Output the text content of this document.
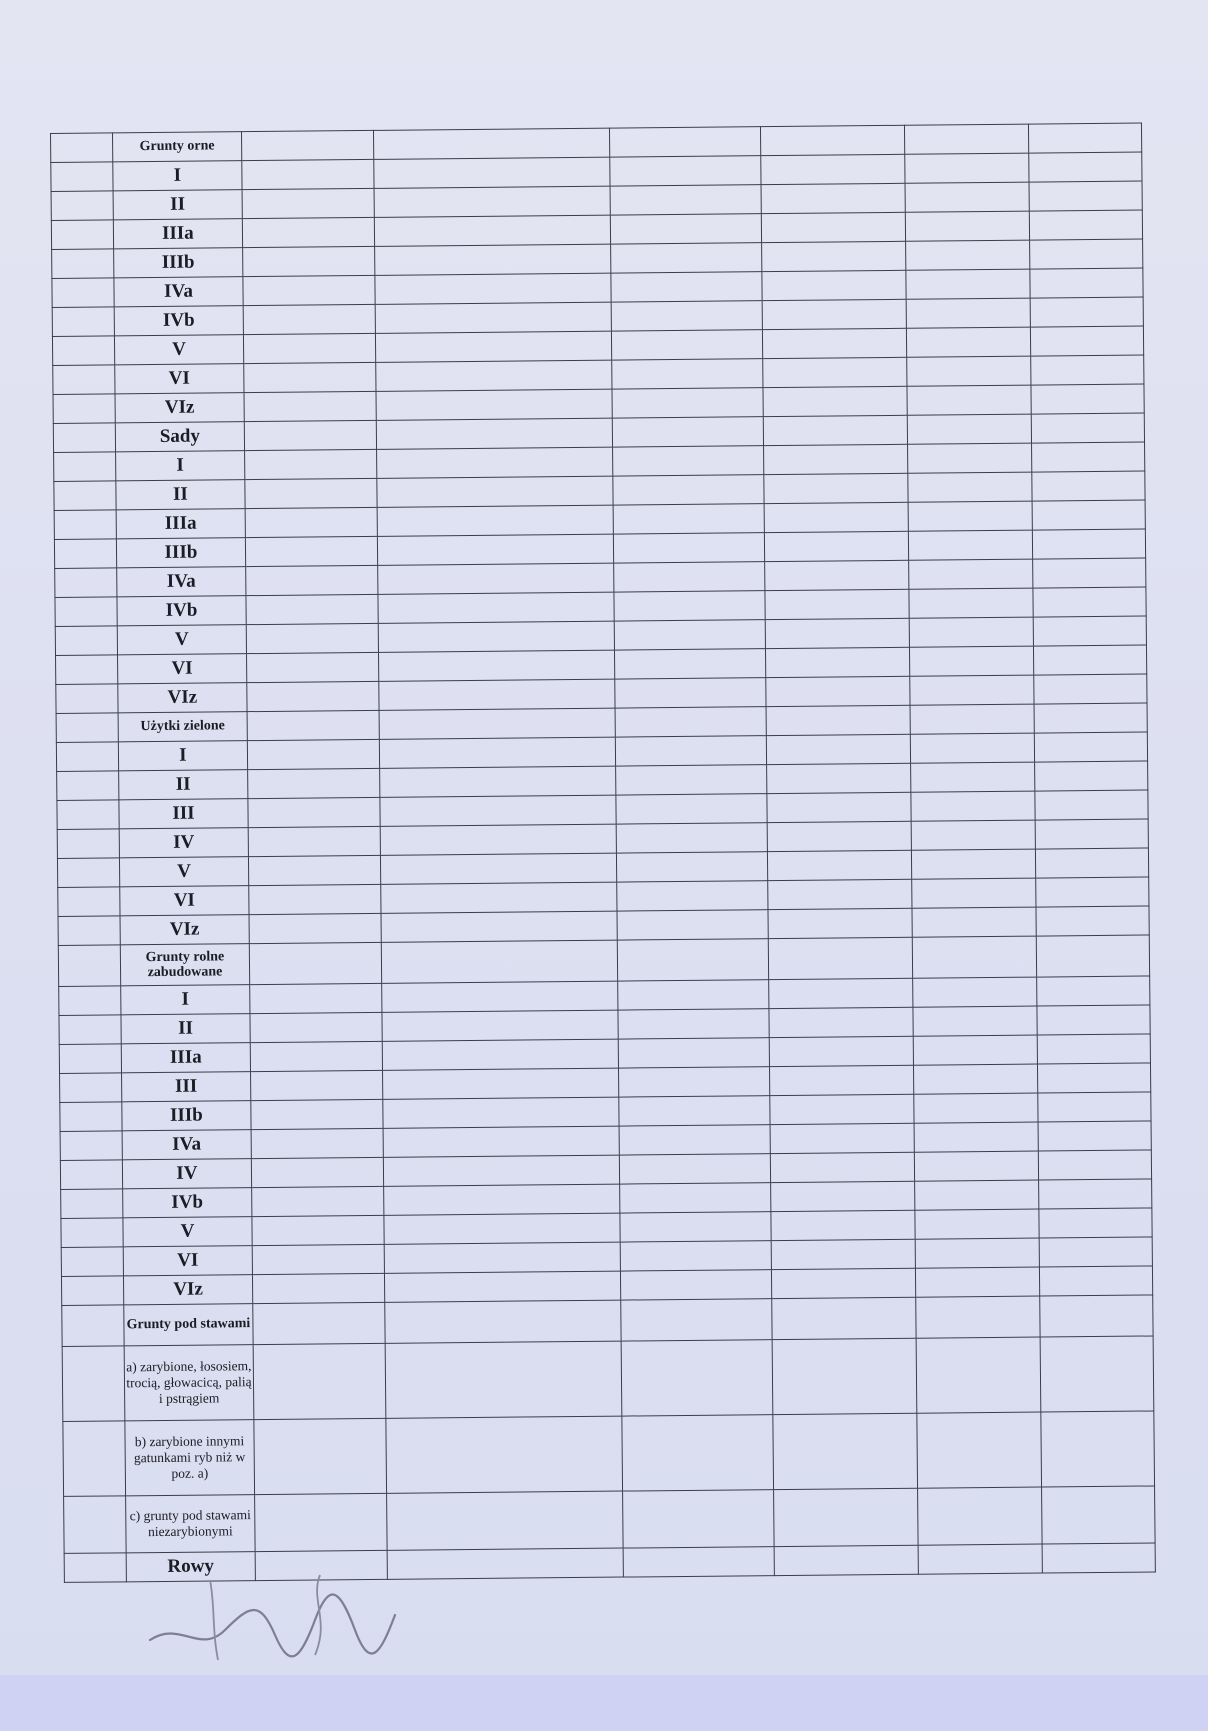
	Grunty orne						
	I						
	II						
	IIIa						
	IIIb						
	IVa						
	IVb						
	V						
	VI						
	VIz						
	Sady						
	I						
	II						
	IIIa						
	IIIb						
	IVa						
	IVb						
	V						
	VI						
	VIz						
	Użytki zielone						
	I						
	II						
	III						
	IV						
	V						
	VI						
	VIz						
	Grunty rolne zabudowane						
	I						
	II						
	IIIa						
	III						
	IIIb						
	IVa						
	IV						
	IVb						
	V						
	VI						
	VIz						
	Grunty pod stawami						
	a) zarybione, łososiem, trocią, głowacicą, palią i pstrągiem						
	b) zarybione innymi gatunkami ryb niż w poz. a)						
	c) grunty pod stawami niezarybionymi						
	Rowy						
